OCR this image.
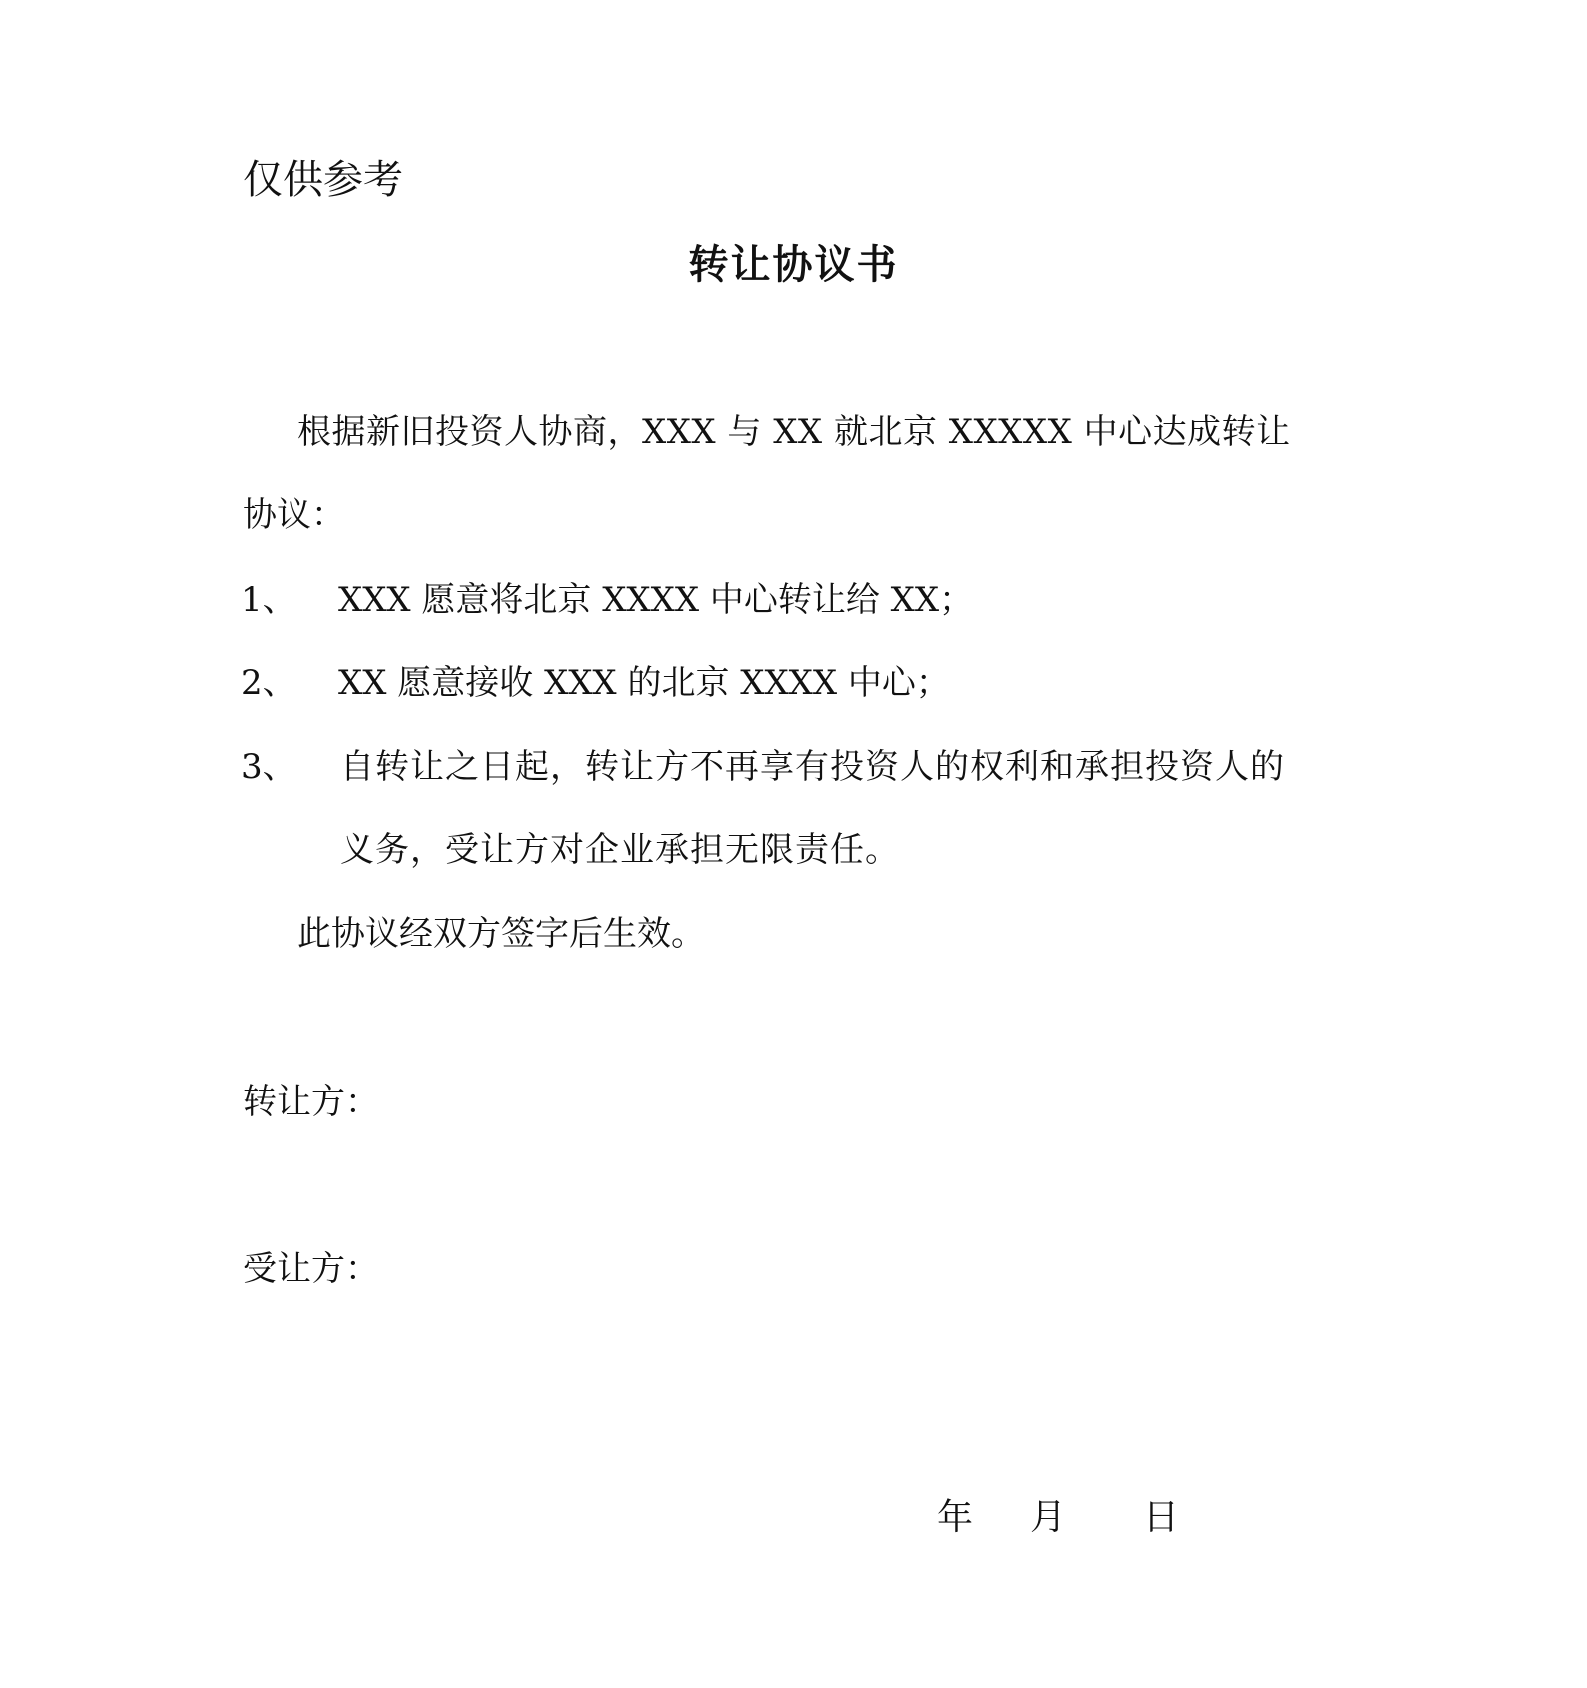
仅供参考
转让协议书
根据新旧投资人协商，XXX 与 XX 就北京 XXXXX 中心达成转让
协议：
1、 XXX 愿意将北京 XXXX 中心转让给 XX；
2、 XX 愿意接收 XXX 的北京 XXXX 中心；
3、 自转让之日起，转让方不再享有投资人的权利和承担投资人的
义务，受让方对企业承担无限责任。
此协议经双方签字后生效。
转让方：
受让方：
年 月 日
